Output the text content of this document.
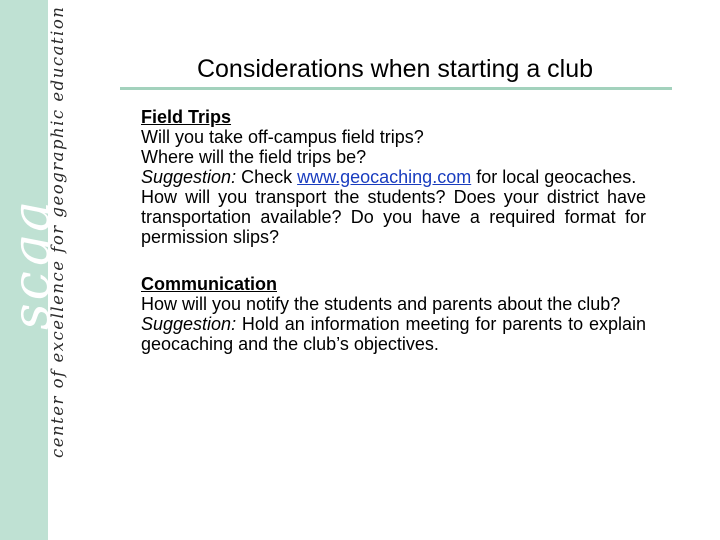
scga
center of excellence for geographic education	Considerations when starting a club

Field Trips

Will you take off-campus field trips?

Where will the field trips be?

Suggestion: Check www.geocaching.com for local geocaches.

How will you transport the students? Does your district have transportation available? Do you have a required format for permission slips?

Communication

How will you notify the students and parents about the club?

Suggestion: Hold an information meeting for parents to explain geocaching and the club’s objectives.
